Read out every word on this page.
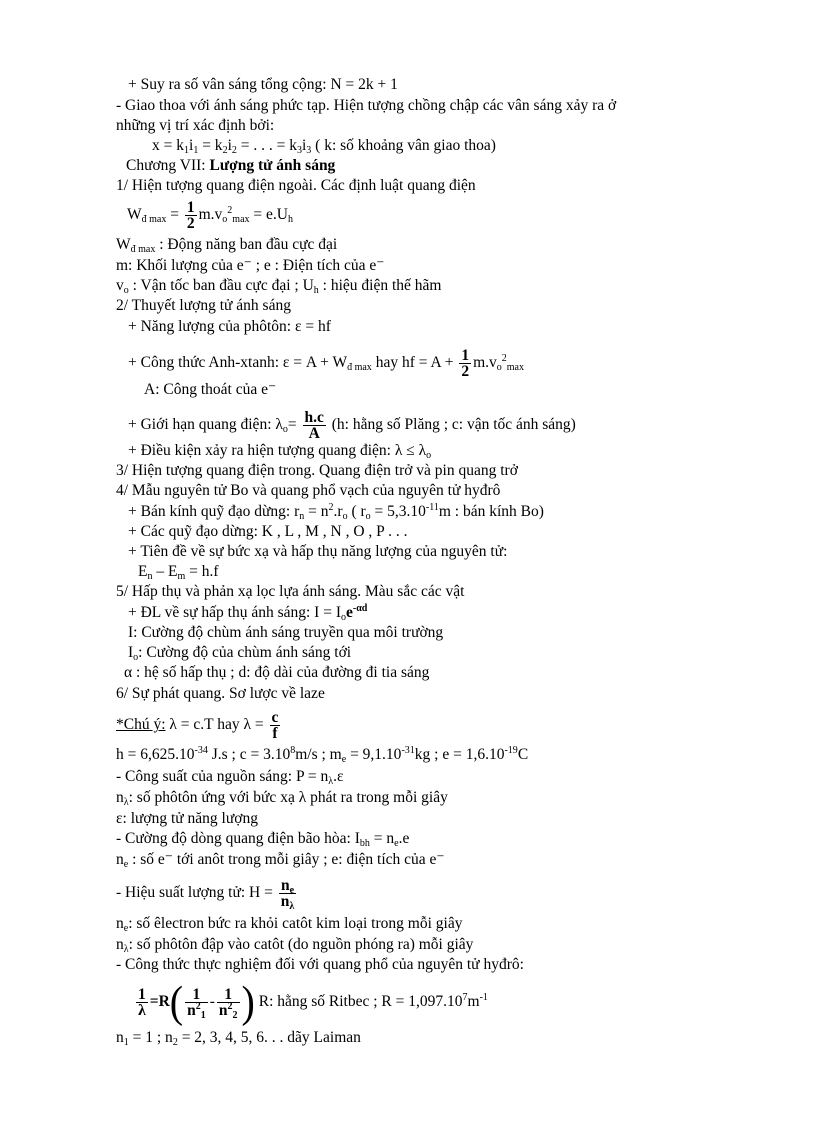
+ Suy ra số vân sáng tổng cộng: N = 2k + 1
- Giao thoa với ánh sáng phức tạp. Hiện tượng chồng chập các vân sáng xảy ra ở
những vị trí xác định bởi:
$x = k_1i_1 = k_2i_2$ = . . . = $k_3i_3$ ( k: số khoảng vân giao thoa)
Chương VII: Lượng tử ánh sáng
1/ Hiện tượng quang điện ngoài. Các định luật quang điện
$W_{đ max} = \frac{1}{2} m.v_o^2_{max} = e.U_h$
$W_{đ max}$ : Động năng ban đầu cực đại
m: Khối lượng của e⁻ ; e : Điện tích của e⁻
$v_o$ : Vận tốc ban đầu cực đại ; $U_h$ : hiệu điện thế hãm
2/ Thuyết lượng tử ánh sáng
+ Năng lượng của phôtôn: ε = hf
+ Công thức Anh-xtanh: $\varepsilon = A + W_{đ max}$ hay hf = $A + \frac{1}{2} m.v_o^2_{max}$
A: Công thoát của e⁻
+ Giới hạn quang điện: $\lambda_o= \frac{h.c}{A} (h$: hằng số Plăng ; c: vận tốc ánh sáng)
+ Điều kiện xảy ra hiện tượng quang điện: $\lambda \le \lambda_o$
3/ Hiện tượng quang điện trong. Quang điện trở và pin quang trở
4/ Mẫu nguyên tử Bo và quang phổ vạch của nguyên tử hyđrô
+ Bán kính quỹ đạo dừng: $r_n = n^2.r_o$ ( $r_o = 5,3.10^{-11}m$ : bán kính Bo)
+ Các quỹ đạo dừng: K , L , M , N , O , P . . .
+ Tiên đề về sự bức xạ và hấp thụ năng lượng của nguyên tử:
$E_n - E_m = h.f$
5/ Hấp thụ và phản xạ lọc lựa ánh sáng. Màu sắc các vật
+ ĐL về sự hấp thụ ánh sáng: $I = I_oe^{-\alpha d}$
I: Cường độ chùm ánh sáng truyền qua môi trường
$I_o$: Cường độ của chùm ánh sáng tới
α : hệ số hấp thụ ; d: độ dài của đường đi tia sáng
6/ Sự phát quang. Sơ lược về laze
*Chú ý: λ = c.T hay $\lambda = \frac{c}{f}$
$h = 6,625.10^{-34}$ J.s ; $c = 3.10^8m/s$ ; $m_e = 9,1.10^{-31}kg$ ; $e = 1,6.10^{-19}C$
- Công suất của nguồn sáng: $P = n_\lambda.\varepsilon$
$n_\lambda$: số phôtôn ứng với bức xạ λ phát ra trong mỗi giây
ε: lượng tử năng lượng
- Cường độ dòng quang điện bão hòa: $I_{bh} = n_e.e$
$n_e$ : số e⁻ tới anôt trong mỗi giây ; e: điện tích của e⁻
- Hiệu suất lượng tử: $H = \frac{n_e}{n_\lambda}$
$n_e$: số êlectron bức ra khỏi catôt kim loại trong mỗi giây
$n_\lambda$: số phôtôn đập vào catôt (do nguồn phóng ra) mỗi giây
- Công thức thực nghiệm đối với quang phổ của nguyên tử hyđrô:
$\frac{1}{\lambda} =R( \frac{1}{n^2_1} - \frac{1}{n^2_2}$ ) R: hằng số Ritbec ; $R = 1,097.10^7m^{-1}$
$n_1 = 1$ ; $n_2 = 2$, 3, 4, 5, 6. . . dãy Laiman
